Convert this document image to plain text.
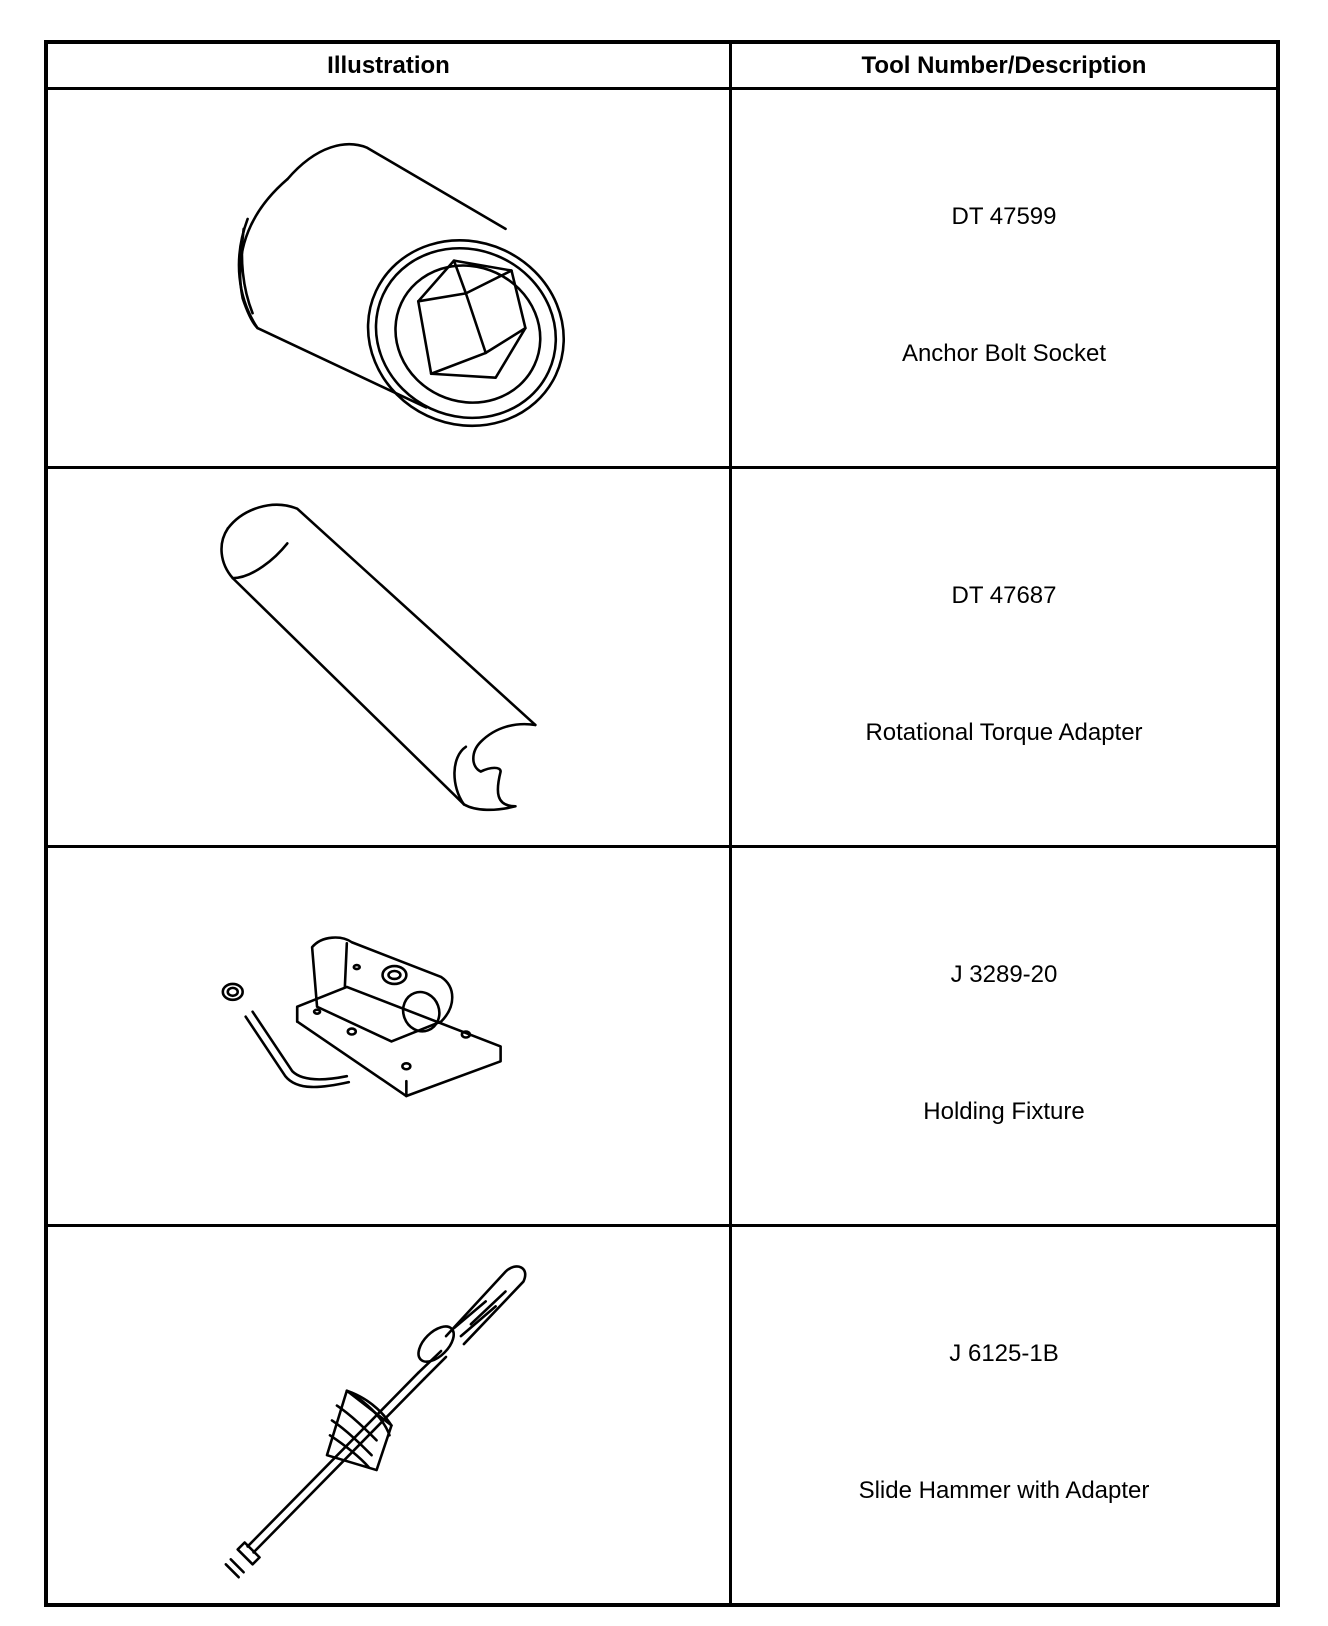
Illustration	Tool Number/Description
DT 47599
Anchor Bolt Socket
DT 47687
Rotational Torque Adapter
J 3289-20
Holding Fixture
J 6125-1B
Slide Hammer with Adapter
